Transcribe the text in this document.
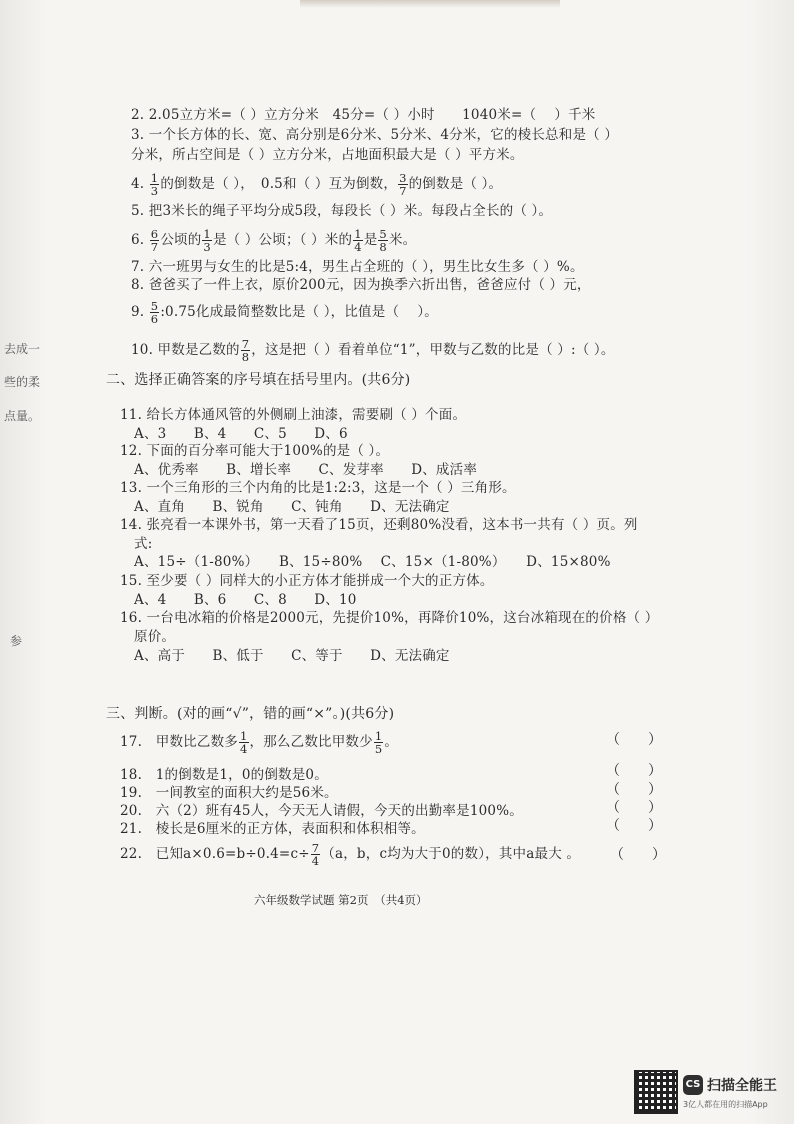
去成一
些的柔
点量。
参
2. 2.05立方米=（ ）立方分米　45分=（ ）小时　　1040米=（　 ）千米
3. 一个长方体的长、宽、高分别是6分米、5分米、4分米，它的棱长总和是（ ）
分米，所占空间是（ ）立方分米，占地面积最大是（ ）平方米。
4. $\frac{1}{3}$ 的倒数是（ ），　0.5和（ ）互为倒数， $\frac{3}{7}$ 的倒数是（ ）。
5. 把3米长的绳子平均分成5段，每段长（ ）米。每段占全长的（ ）。
6. $\frac{6}{7}$ 公顷的 $\frac{1}{3}$ 是（ ）公顷；（ ）米的 $\frac{1}{4}$ 是 $\frac{5}{8}$ 米。
7. 六一班男与女生的比是5:4，男生占全班的（ ），男生比女生多（ ）%。
8. 爸爸买了一件上衣，原价200元，因为换季六折出售，爸爸应付（ ）元，
9. $\frac{5}{6}$ :0.75化成最简整数比是（ ），比值是（　 ）。
10. 甲数是乙数的 $\frac{7}{8}$ ，这是把（ ）看着单位“1”，甲数与乙数的比是（ ）:（ ）。
二、选择正确答案的序号填在括号里内。(共6分)
11. 给长方体通风管的外侧刷上油漆，需要刷（ ）个面。
A、3　　B、4　　C、5　　D、6
12. 下面的百分率可能大于100%的是（ ）。
A、优秀率　　B、增长率　　C、发芽率　　D、成活率
13. 一个三角形的三个内角的比是1:2:3，这是一个（ ）三角形。
A、直角　　B、锐角　　C、钝角　　D、无法确定
14. 张亮看一本课外书，第一天看了15页，还剩80%没看，这本书一共有（ ）页。列
式:
A、15÷（1-80%）　　B、15÷80%　 C、15×（1-80%）　　D、15×80%
15. 至少要（ ）同样大的小正方体才能拼成一个大的正方体。
A、4　　B、6　　C、8　　D、10
16. 一台电冰箱的价格是2000元，先提价10%，再降价10%，这台冰箱现在的价格（ ）
原价。
A、高于　　B、低于　　C、等于　　D、无法确定
三、判断。(对的画“√”，错的画“×”。)(共6分)
17.　甲数比乙数多 $\frac{1}{4}$ ，那么乙数比甲数少 $\frac{1}{5}$ 。	（　　）
18.　1的倒数是1，0的倒数是0。	（　　）
19.　一间教室的面积大约是56米。	（　　）
20.　六（2）班有45人，今天无人请假，今天的出勤率是100%。	（　　）
21.　棱长是6厘米的正方体，表面积和体积相等。	（　　）
22.　已知$a\times 0.6=b\div 0.4=c\div \frac{7}{4} (a$，b，c均为大于0的数），其中a最大 。 （　　）
六年级数学试题 第2页　（共4页）
CS 扫描全能王
3亿人都在用的扫描App
